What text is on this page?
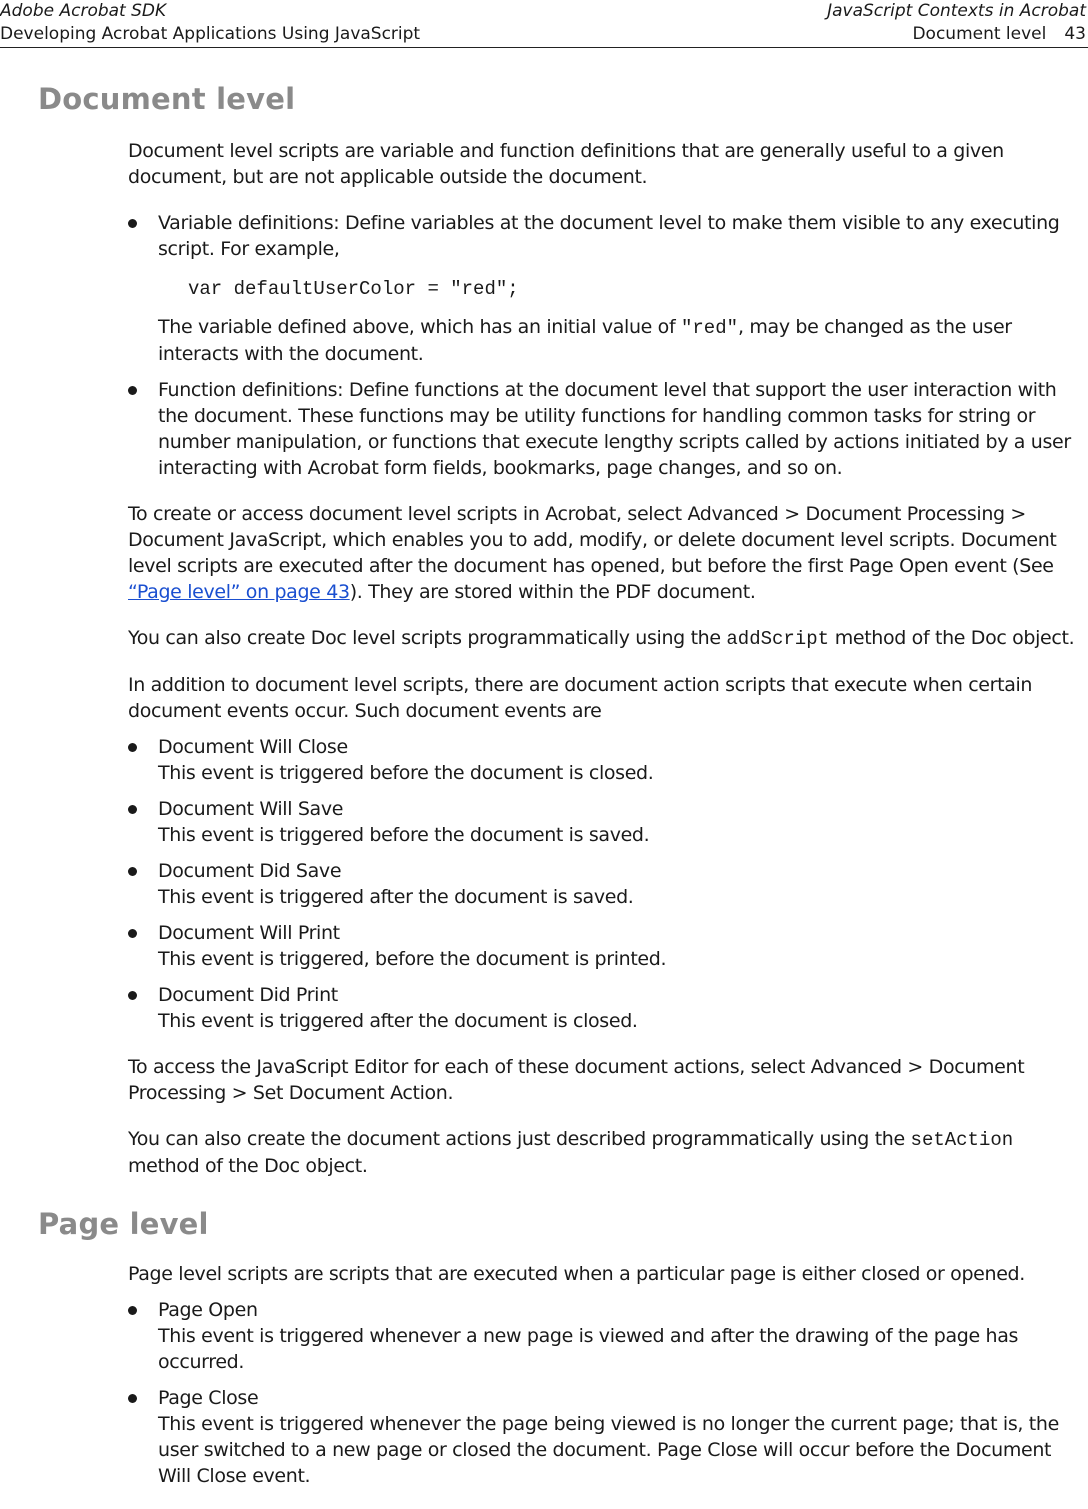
Adobe Acrobat SDK
Developing Acrobat Applications Using JavaScript
JavaScript Contexts in Acrobat
Document level 43
Document level

Document level scripts are variable and function definitions that are generally useful to a given document, but are not applicable outside the document.

Variable definitions: Define variables at the document level to make them visible to any executing script. For example,

var defaultUserColor = "red";

The variable defined above, which has an initial value of "red", may be changed as the user interacts with the document.

Function definitions: Define functions at the document level that support the user interaction with the document. These functions may be utility functions for handling common tasks for string or number manipulation, or functions that execute lengthy scripts called by actions initiated by a user interacting with Acrobat form fields, bookmarks, page changes, and so on.

To create or access document level scripts in Acrobat, select Advanced > Document Processing > Document JavaScript, which enables you to add, modify, or delete document level scripts. Document level scripts are executed after the document has opened, but before the first Page Open event (See “Page level” on page 43). They are stored within the PDF document.

You can also create Doc level scripts programmatically using the addScript method of the Doc object.

In addition to document level scripts, there are document action scripts that execute when certain document events occur. Such document events are

Document Will Close
This event is triggered before the document is closed.
Document Will Save
This event is triggered before the document is saved.
Document Did Save
This event is triggered after the document is saved.
Document Will Print
This event is triggered, before the document is printed.
Document Did Print
This event is triggered after the document is closed.

To access the JavaScript Editor for each of these document actions, select Advanced > Document Processing > Set Document Action.

You can also create the document actions just described programmatically using the setAction method of the Doc object.

Page level

Page level scripts are scripts that are executed when a particular page is either closed or opened.

Page Open
This event is triggered whenever a new page is viewed and after the drawing of the page has occurred.
Page Close
This event is triggered whenever the page being viewed is no longer the current page; that is, the user switched to a new page or closed the document. Page Close will occur before the Document Will Close event.
